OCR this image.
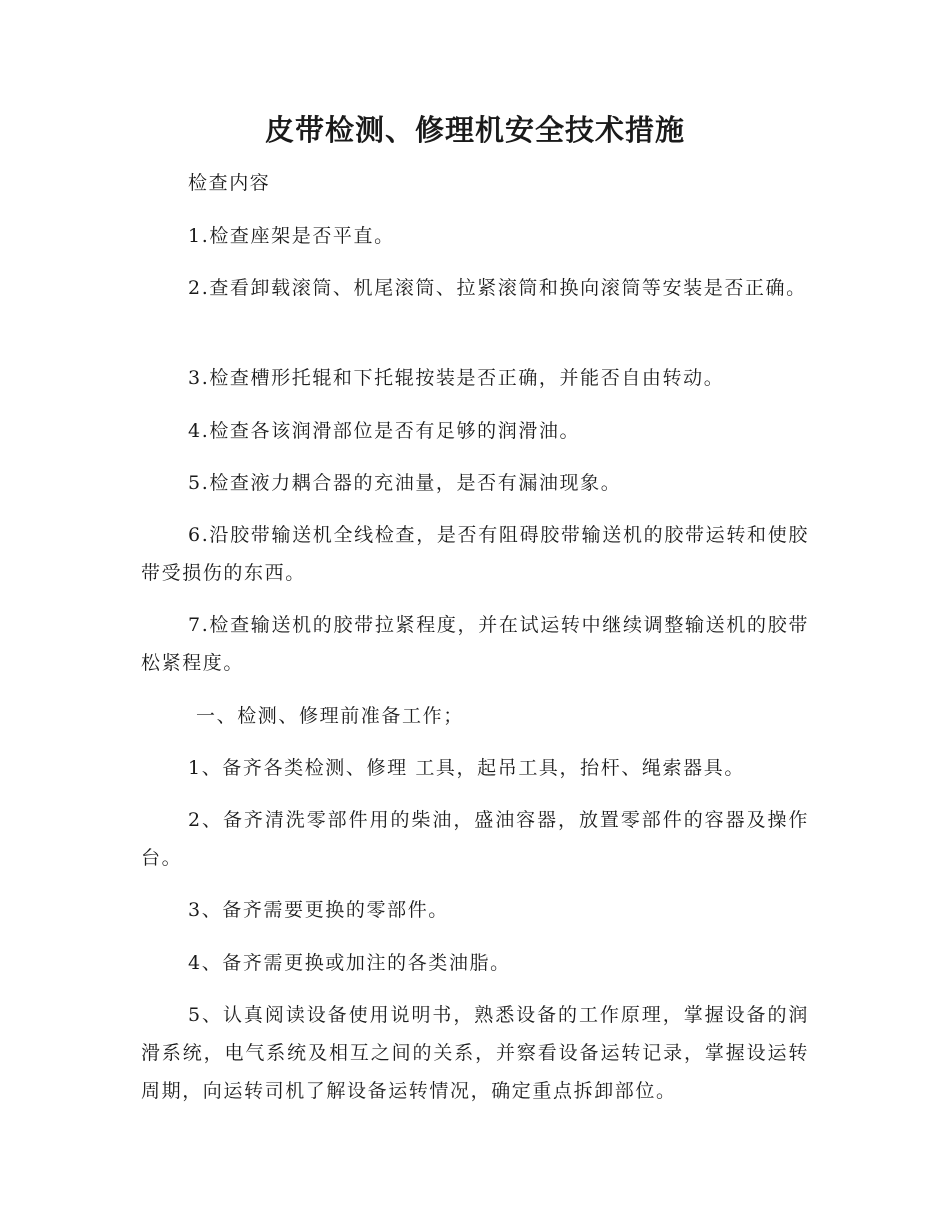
皮带检测、修理机安全技术措施

检查内容

1.检查座架是否平直。

2.查看卸载滚筒、机尾滚筒、拉紧滚筒和换向滚筒等安装是否正确。

3.检查槽形托辊和下托辊按装是否正确，并能否自由转动。

4.检查各该润滑部位是否有足够的润滑油。

5.检查液力耦合器的充油量，是否有漏油现象。

6.沿胶带输送机全线检查，是否有阻碍胶带输送机的胶带运转和使胶带受损伤的东西。

7.检查输送机的胶带拉紧程度，并在试运转中继续调整输送机的胶带松紧程度。

一、检测、修理前准备工作；

1、备齐各类检测、修理 工具，起吊工具，抬杆、绳索器具。

2、备齐清洗零部件用的柴油，盛油容器，放置零部件的容器及操作台。

3、备齐需要更换的零部件。

4、备齐需更换或加注的各类油脂。

5、认真阅读设备使用说明书，熟悉设备的工作原理，掌握设备的润滑系统，电气系统及相互之间的关系，并察看设备运转记录，掌握设运转周期，向运转司机了解设备运转情况，确定重点拆卸部位。
